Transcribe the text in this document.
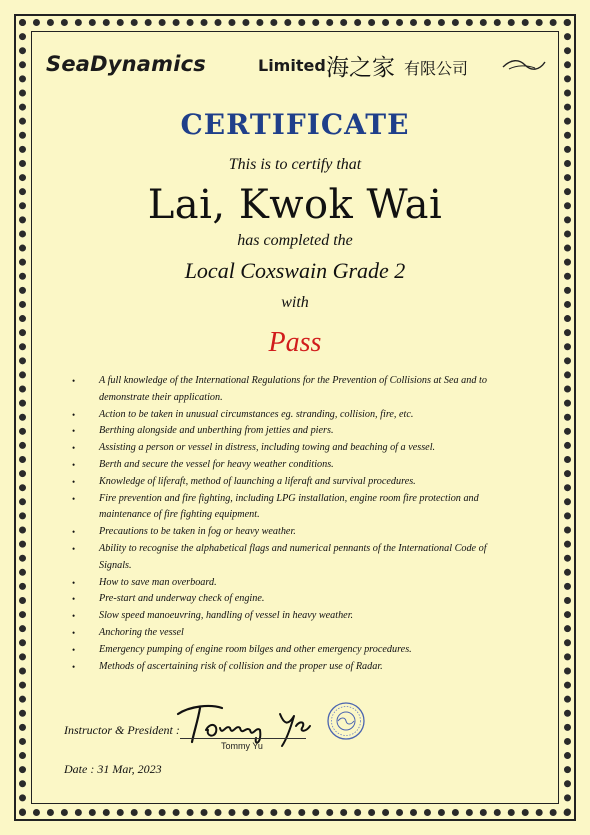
SeaDynamics	Limited 海之家 有限公司
CERTIFICATE
This is to certify that
Lai, Kwok Wai
has completed the
Local Coxswain Grade 2
with
Pass
• A full knowledge of the International Regulations for the Prevention of Collisions at Sea and to demonstrate their application.
• Action to be taken in unusual circumstances eg. stranding, collision, fire, etc.
• Berthing alongside and unberthing from jetties and piers.
• Assisting a person or vessel in distress, including towing and beaching of a vessel.
• Berth and secure the vessel for heavy weather conditions.
• Knowledge of liferaft, method of launching a liferaft and survival procedures.
• Fire prevention and fire fighting, including LPG installation, engine room fire protection and maintenance of fire fighting equipment.
• Precautions to be taken in fog or heavy weather.
• Ability to recognise the alphabetical flags and numerical pennants of the International Code of Signals.
• How to save man overboard.
• Pre-start and underway check of engine.
• Slow speed manoeuvring, handling of vessel in heavy weather.
• Anchoring the vessel
• Emergency pumping of engine room bilges and other emergency procedures.
• Methods of ascertaining risk of collision and the proper use of Radar.
Instructor & President :
Tommy Yu
Date : 31 Mar, 2023
